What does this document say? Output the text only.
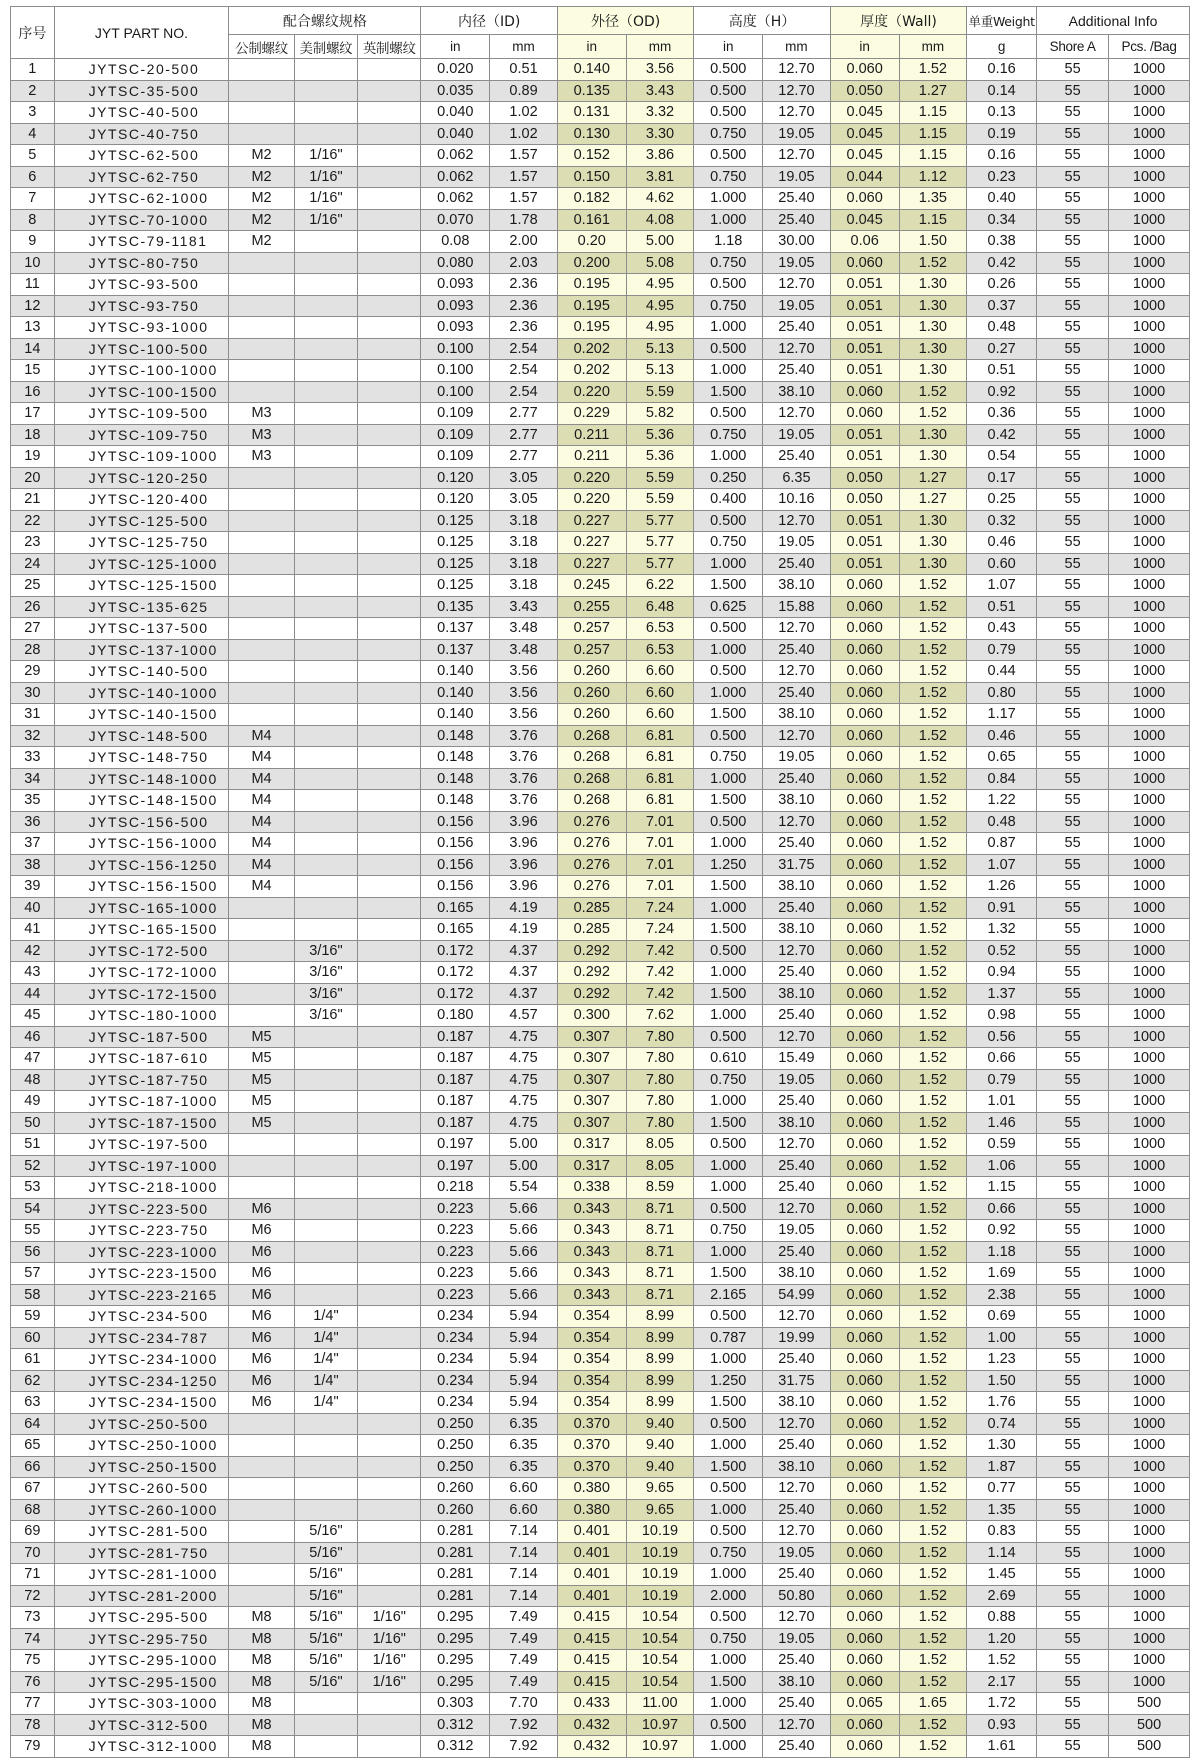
序号	JYT PART NO.	配合螺纹规格			内径（ID)		外径（OD)		高度（H）		厚度（Wall)		单重Weight	Additional Info	
		公制螺纹	美制螺纹	英制螺纹	in	mm	in	mm	in	mm	in	mm	g	Shore A	Pcs. /Bag
1	JYTSC-20-500				0.020	0.51	0.140	3.56	0.500	12.70	0.060	1.52	0.16	55	1000
2	JYTSC-35-500				0.035	0.89	0.135	3.43	0.500	12.70	0.050	1.27	0.14	55	1000
3	JYTSC-40-500				0.040	1.02	0.131	3.32	0.500	12.70	0.045	1.15	0.13	55	1000
4	JYTSC-40-750				0.040	1.02	0.130	3.30	0.750	19.05	0.045	1.15	0.19	55	1000
5	JYTSC-62-500	M2	1/16"		0.062	1.57	0.152	3.86	0.500	12.70	0.045	1.15	0.16	55	1000
6	JYTSC-62-750	M2	1/16"		0.062	1.57	0.150	3.81	0.750	19.05	0.044	1.12	0.23	55	1000
7	JYTSC-62-1000	M2	1/16"		0.062	1.57	0.182	4.62	1.000	25.40	0.060	1.35	0.40	55	1000
8	JYTSC-70-1000	M2	1/16"		0.070	1.78	0.161	4.08	1.000	25.40	0.045	1.15	0.34	55	1000
9	JYTSC-79-1181	M2			0.08	2.00	0.20	5.00	1.18	30.00	0.06	1.50	0.38	55	1000
10	JYTSC-80-750				0.080	2.03	0.200	5.08	0.750	19.05	0.060	1.52	0.42	55	1000
11	JYTSC-93-500				0.093	2.36	0.195	4.95	0.500	12.70	0.051	1.30	0.26	55	1000
12	JYTSC-93-750				0.093	2.36	0.195	4.95	0.750	19.05	0.051	1.30	0.37	55	1000
13	JYTSC-93-1000				0.093	2.36	0.195	4.95	1.000	25.40	0.051	1.30	0.48	55	1000
14	JYTSC-100-500				0.100	2.54	0.202	5.13	0.500	12.70	0.051	1.30	0.27	55	1000
15	JYTSC-100-1000				0.100	2.54	0.202	5.13	1.000	25.40	0.051	1.30	0.51	55	1000
16	JYTSC-100-1500				0.100	2.54	0.220	5.59	1.500	38.10	0.060	1.52	0.92	55	1000
17	JYTSC-109-500	M3			0.109	2.77	0.229	5.82	0.500	12.70	0.060	1.52	0.36	55	1000
18	JYTSC-109-750	M3			0.109	2.77	0.211	5.36	0.750	19.05	0.051	1.30	0.42	55	1000
19	JYTSC-109-1000	M3			0.109	2.77	0.211	5.36	1.000	25.40	0.051	1.30	0.54	55	1000
20	JYTSC-120-250				0.120	3.05	0.220	5.59	0.250	6.35	0.050	1.27	0.17	55	1000
21	JYTSC-120-400				0.120	3.05	0.220	5.59	0.400	10.16	0.050	1.27	0.25	55	1000
22	JYTSC-125-500				0.125	3.18	0.227	5.77	0.500	12.70	0.051	1.30	0.32	55	1000
23	JYTSC-125-750				0.125	3.18	0.227	5.77	0.750	19.05	0.051	1.30	0.46	55	1000
24	JYTSC-125-1000				0.125	3.18	0.227	5.77	1.000	25.40	0.051	1.30	0.60	55	1000
25	JYTSC-125-1500				0.125	3.18	0.245	6.22	1.500	38.10	0.060	1.52	1.07	55	1000
26	JYTSC-135-625				0.135	3.43	0.255	6.48	0.625	15.88	0.060	1.52	0.51	55	1000
27	JYTSC-137-500				0.137	3.48	0.257	6.53	0.500	12.70	0.060	1.52	0.43	55	1000
28	JYTSC-137-1000				0.137	3.48	0.257	6.53	1.000	25.40	0.060	1.52	0.79	55	1000
29	JYTSC-140-500				0.140	3.56	0.260	6.60	0.500	12.70	0.060	1.52	0.44	55	1000
30	JYTSC-140-1000				0.140	3.56	0.260	6.60	1.000	25.40	0.060	1.52	0.80	55	1000
31	JYTSC-140-1500				0.140	3.56	0.260	6.60	1.500	38.10	0.060	1.52	1.17	55	1000
32	JYTSC-148-500	M4			0.148	3.76	0.268	6.81	0.500	12.70	0.060	1.52	0.46	55	1000
33	JYTSC-148-750	M4			0.148	3.76	0.268	6.81	0.750	19.05	0.060	1.52	0.65	55	1000
34	JYTSC-148-1000	M4			0.148	3.76	0.268	6.81	1.000	25.40	0.060	1.52	0.84	55	1000
35	JYTSC-148-1500	M4			0.148	3.76	0.268	6.81	1.500	38.10	0.060	1.52	1.22	55	1000
36	JYTSC-156-500	M4			0.156	3.96	0.276	7.01	0.500	12.70	0.060	1.52	0.48	55	1000
37	JYTSC-156-1000	M4			0.156	3.96	0.276	7.01	1.000	25.40	0.060	1.52	0.87	55	1000
38	JYTSC-156-1250	M4			0.156	3.96	0.276	7.01	1.250	31.75	0.060	1.52	1.07	55	1000
39	JYTSC-156-1500	M4			0.156	3.96	0.276	7.01	1.500	38.10	0.060	1.52	1.26	55	1000
40	JYTSC-165-1000				0.165	4.19	0.285	7.24	1.000	25.40	0.060	1.52	0.91	55	1000
41	JYTSC-165-1500				0.165	4.19	0.285	7.24	1.500	38.10	0.060	1.52	1.32	55	1000
42	JYTSC-172-500		3/16"		0.172	4.37	0.292	7.42	0.500	12.70	0.060	1.52	0.52	55	1000
43	JYTSC-172-1000		3/16"		0.172	4.37	0.292	7.42	1.000	25.40	0.060	1.52	0.94	55	1000
44	JYTSC-172-1500		3/16"		0.172	4.37	0.292	7.42	1.500	38.10	0.060	1.52	1.37	55	1000
45	JYTSC-180-1000		3/16"		0.180	4.57	0.300	7.62	1.000	25.40	0.060	1.52	0.98	55	1000
46	JYTSC-187-500	M5			0.187	4.75	0.307	7.80	0.500	12.70	0.060	1.52	0.56	55	1000
47	JYTSC-187-610	M5			0.187	4.75	0.307	7.80	0.610	15.49	0.060	1.52	0.66	55	1000
48	JYTSC-187-750	M5			0.187	4.75	0.307	7.80	0.750	19.05	0.060	1.52	0.79	55	1000
49	JYTSC-187-1000	M5			0.187	4.75	0.307	7.80	1.000	25.40	0.060	1.52	1.01	55	1000
50	JYTSC-187-1500	M5			0.187	4.75	0.307	7.80	1.500	38.10	0.060	1.52	1.46	55	1000
51	JYTSC-197-500				0.197	5.00	0.317	8.05	0.500	12.70	0.060	1.52	0.59	55	1000
52	JYTSC-197-1000				0.197	5.00	0.317	8.05	1.000	25.40	0.060	1.52	1.06	55	1000
53	JYTSC-218-1000				0.218	5.54	0.338	8.59	1.000	25.40	0.060	1.52	1.15	55	1000
54	JYTSC-223-500	M6			0.223	5.66	0.343	8.71	0.500	12.70	0.060	1.52	0.66	55	1000
55	JYTSC-223-750	M6			0.223	5.66	0.343	8.71	0.750	19.05	0.060	1.52	0.92	55	1000
56	JYTSC-223-1000	M6			0.223	5.66	0.343	8.71	1.000	25.40	0.060	1.52	1.18	55	1000
57	JYTSC-223-1500	M6			0.223	5.66	0.343	8.71	1.500	38.10	0.060	1.52	1.69	55	1000
58	JYTSC-223-2165	M6			0.223	5.66	0.343	8.71	2.165	54.99	0.060	1.52	2.38	55	1000
59	JYTSC-234-500	M6	1/4"		0.234	5.94	0.354	8.99	0.500	12.70	0.060	1.52	0.69	55	1000
60	JYTSC-234-787	M6	1/4"		0.234	5.94	0.354	8.99	0.787	19.99	0.060	1.52	1.00	55	1000
61	JYTSC-234-1000	M6	1/4"		0.234	5.94	0.354	8.99	1.000	25.40	0.060	1.52	1.23	55	1000
62	JYTSC-234-1250	M6	1/4"		0.234	5.94	0.354	8.99	1.250	31.75	0.060	1.52	1.50	55	1000
63	JYTSC-234-1500	M6	1/4"		0.234	5.94	0.354	8.99	1.500	38.10	0.060	1.52	1.76	55	1000
64	JYTSC-250-500				0.250	6.35	0.370	9.40	0.500	12.70	0.060	1.52	0.74	55	1000
65	JYTSC-250-1000				0.250	6.35	0.370	9.40	1.000	25.40	0.060	1.52	1.30	55	1000
66	JYTSC-250-1500				0.250	6.35	0.370	9.40	1.500	38.10	0.060	1.52	1.87	55	1000
67	JYTSC-260-500				0.260	6.60	0.380	9.65	0.500	12.70	0.060	1.52	0.77	55	1000
68	JYTSC-260-1000				0.260	6.60	0.380	9.65	1.000	25.40	0.060	1.52	1.35	55	1000
69	JYTSC-281-500		5/16"		0.281	7.14	0.401	10.19	0.500	12.70	0.060	1.52	0.83	55	1000
70	JYTSC-281-750		5/16"		0.281	7.14	0.401	10.19	0.750	19.05	0.060	1.52	1.14	55	1000
71	JYTSC-281-1000		5/16"		0.281	7.14	0.401	10.19	1.000	25.40	0.060	1.52	1.45	55	1000
72	JYTSC-281-2000		5/16"		0.281	7.14	0.401	10.19	2.000	50.80	0.060	1.52	2.69	55	1000
73	JYTSC-295-500	M8	5/16"	1/16"	0.295	7.49	0.415	10.54	0.500	12.70	0.060	1.52	0.88	55	1000
74	JYTSC-295-750	M8	5/16"	1/16"	0.295	7.49	0.415	10.54	0.750	19.05	0.060	1.52	1.20	55	1000
75	JYTSC-295-1000	M8	5/16"	1/16"	0.295	7.49	0.415	10.54	1.000	25.40	0.060	1.52	1.52	55	1000
76	JYTSC-295-1500	M8	5/16"	1/16"	0.295	7.49	0.415	10.54	1.500	38.10	0.060	1.52	2.17	55	1000
77	JYTSC-303-1000	M8			0.303	7.70	0.433	11.00	1.000	25.40	0.065	1.65	1.72	55	500
78	JYTSC-312-500	M8			0.312	7.92	0.432	10.97	0.500	12.70	0.060	1.52	0.93	55	500
79	JYTSC-312-1000	M8			0.312	7.92	0.432	10.97	1.000	25.40	0.060	1.52	1.61	55	500
